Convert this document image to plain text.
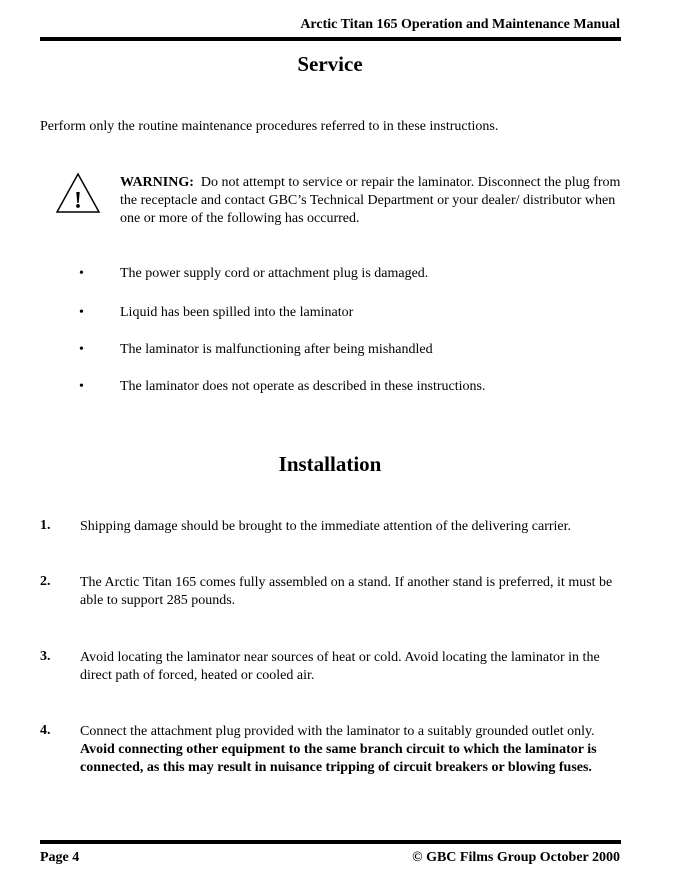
Arctic Titan 165 Operation and Maintenance Manual
Service
Perform only the routine maintenance procedures referred to in these instructions.
!
WARNING: Do not attempt to service or repair the laminator. Disconnect the plug from the receptacle and contact GBC’s Technical Department or your dealer/ distributor when one or more of the following has occurred.
•	The power supply cord or attachment plug is damaged.
•	Liquid has been spilled into the laminator
•	The laminator is malfunctioning after being mishandled
•	The laminator does not operate as described in these instructions.
Installation
1. Shipping damage should be brought to the immediate attention of the delivering carrier.
2. The Arctic Titan 165 comes fully assembled on a stand. If another stand is preferred, it must be able to support 285 pounds.
3. Avoid locating the laminator near sources of heat or cold. Avoid locating the laminator in the direct path of forced, heated or cooled air.
4. Connect the attachment plug provided with the laminator to a suitably grounded outlet only.  Avoid connecting other equipment to the same branch circuit to which the laminator is connected, as this may result in nuisance tripping of circuit breakers or blowing fuses.
Page 4	© GBC Films Group October 2000
